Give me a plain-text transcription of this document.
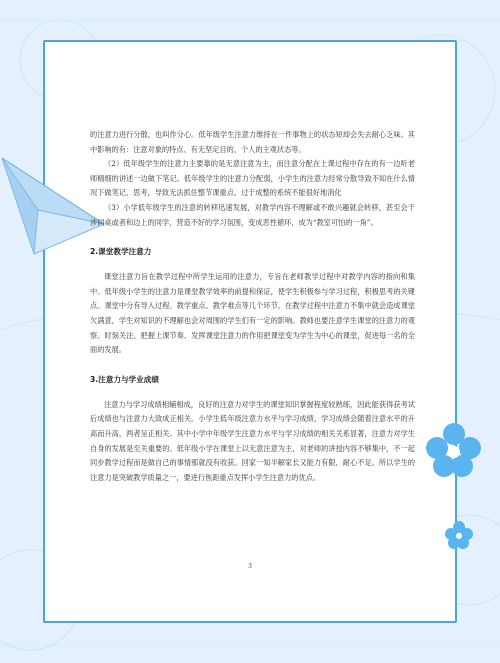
的注意力进行分散，也叫作分心。低年级学生注意力维持在一件事物上的状态短却会失去耐心乏味。其中影响的有：注意对象的特点、有无坚定目的、个人的主观状态等。

（2）低年级学生的注意力主要靠的是无意注意为主，而注意分配在上课过程中存在的有一边听老师精细的讲述一边做下笔记。低年级学生的注意力分配弱，小学生的注意力经常分散导致不知在什么情况下做笔记、思考，导致无法抓住整节课重点。过于成整的系统不能很好地消化

（3）小学低年级学生的注意的转移迅速发展，对教学内容不理解或不敢兴趣就会转移，甚至会干涉同桌或者和边上的同学，营造不好的学习氛围，变成恶性循环，成为“教室可怕的一角”。

2.课堂教学注意力

课堂注意力旨在教学过程中所学生运用的注意力，专旨在老师教学过程中对教学内容的指向和集中。低年级小学生的注意力是课堂教学效率的前提和保证，使学生积极参与学习过程，积极思考的关键点。课堂中分有导入过程、教学重点、教学难点等几个环节，在教学过程中注意力不集中就会造成课堂欠满意，学生对知识的不理解也会对周围的学生们有一定的影响。教师也要注意学生课堂的注意力的观察、时刻关注、把握上课节奏、发挥课堂注意力的作用把课堂变为学生为中心的课堂，促进每一名的全面的发展。

3.注意力与学业成绩

注意力与学习成绩相辅相成，良好的注意力对学生的课堂知识掌握程度较熟练，因此能获得获考试后成绩也与注意力大致成正相关。小学生低年级注意力水平与学习成绩，学习成绩会随着注意水平的升高而升高，两者呈正相关。其中小学中年级学生注意力水平与学习成绩的相关关系显著，注意力对学生自身的发展是至关重要的。低年级小学在课堂上以无意注意为主，对老师的讲授内容不够集中，不一起同步教学过程而是做自己的事情那就没有收获。回家一知半解家长又能力有限，耐心不足。所以学生的注意力是突破教学质量之一，要进行焦距重点发挥小学生注意力的优点。

3
